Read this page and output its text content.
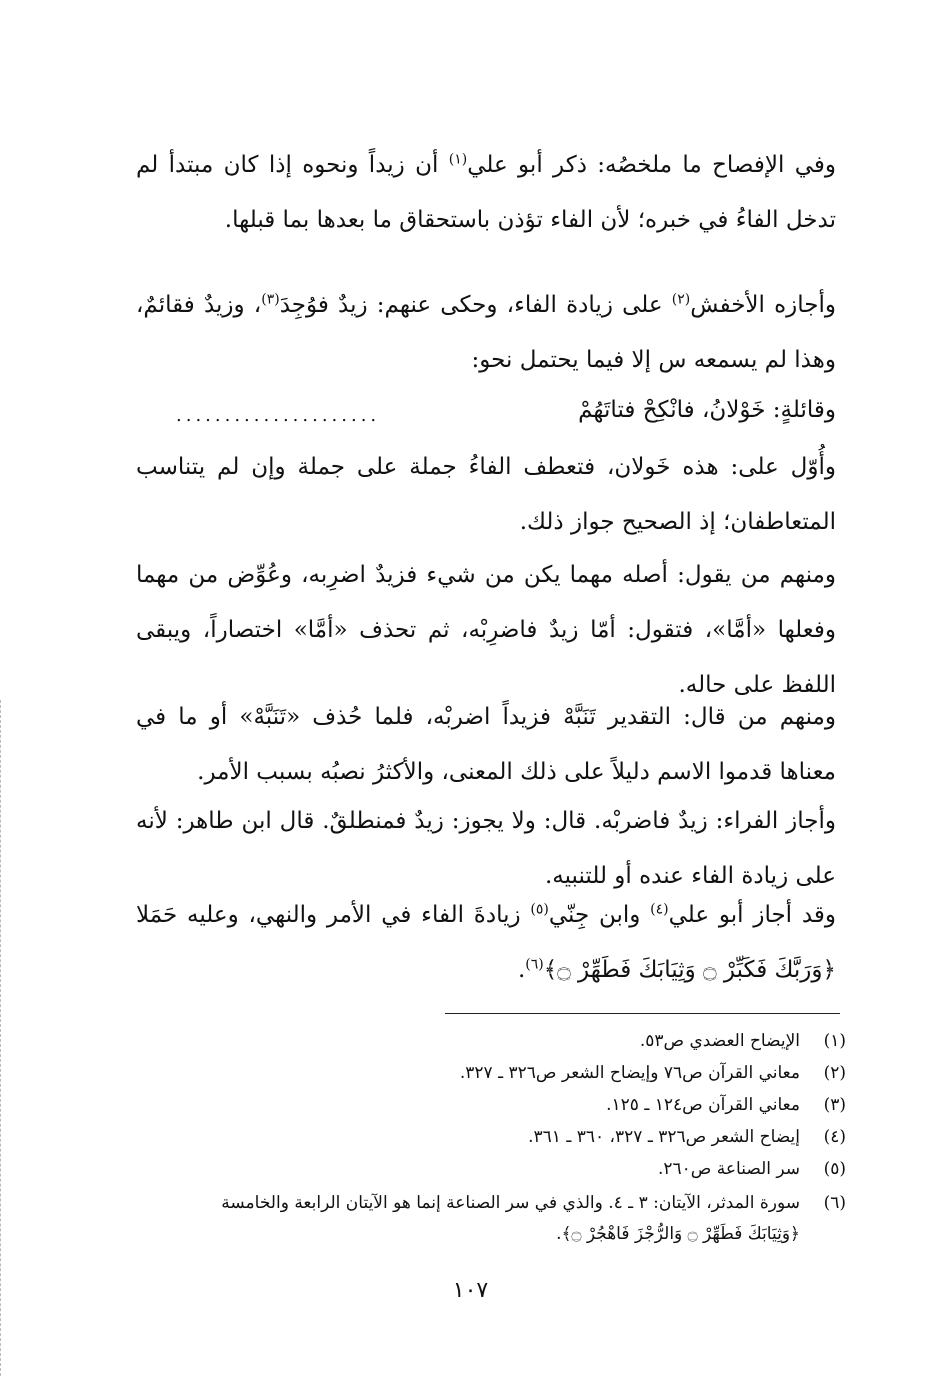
وفي الإفصاح ما ملخصُه: ذكر أبو علي$^{(١)}$ أن زيداً ونحوه إذا كان مبتدأ لم تدخل الفاءُ في خبره؛ لأن الفاء تؤذن باستحقاق ما بعدها بما قبلها.
وأجازه الأخفش$^{(٢)}$ على زيادة الفاء، وحكى عنهم: زيدٌ فوُجِدَ$^{(٣)}$، وزيدٌ فقائمٌ، وهذا لم يسمعه س إلا فيما يحتمل نحو:
وقائلةٍ: خَوْلانُ، فانْكِحْ فتاتَهُمْ
.....................
وأُوّل على: هذه خَولان، فتعطف الفاءُ جملة على جملة وإن لم يتناسب المتعاطفان؛ إذ الصحيح جواز ذلك.
ومنهم من يقول: أصله مهما يكن من شيء فزيدٌ اضرِبه، وعُوِّض من مهما وفعلها «أمَّا»، فتقول: أمّا زيدٌ فاضرِبْه، ثم تحذف «أمَّا» اختصاراً، ويبقى اللفظ على حاله.
ومنهم من قال: التقدير تَنَبَّهْ فزيداً اضربْه، فلما حُذف «تَنَبَّهْ» أو ما في معناها قدموا الاسم دليلاً على ذلك المعنى، والأكثرُ نصبُه بسبب الأمر.
وأجاز الفراء: زيدٌ فاضربْه. قال: ولا يجوز: زيدٌ فمنطلقٌ. قال ابن طاهر: لأنه على زيادة الفاء عنده أو للتنبيه.
وقد أجاز أبو علي$^{(٤)}$ وابن جِنّي$^{(٥)}$ زيادةَ الفاء في الأمر والنهي، وعليه حَمَلا ﴿وَرَبَّكَ فَكَبِّرْ ۝ وَثِيَابَكَ فَطَهِّرْ ۝﴾$^{(٦)}$.
(١)الإيضاح العضدي ص٥٣.
(٢)معاني القرآن ص٧٦ وإيضاح الشعر ص٣٢٦ ـ ٣٢٧.
(٣)معاني القرآن ص١٢٤ ـ ١٢٥.
(٤)إيضاح الشعر ص٣٢٦ ـ ٣٢٧، ٣٦٠ ـ ٣٦١.
(٥)سر الصناعة ص٢٦٠.
(٦)سورة المدثر، الآيتان: ٣ ـ ٤. والذي في سر الصناعة إنما هو الآيتان الرابعة والخامسة
﴿وَثِيَابَكَ فَطَهِّرْ ۝ وَالرُّجْزَ فَاهْجُرْ ۝﴾.
١٠٧
